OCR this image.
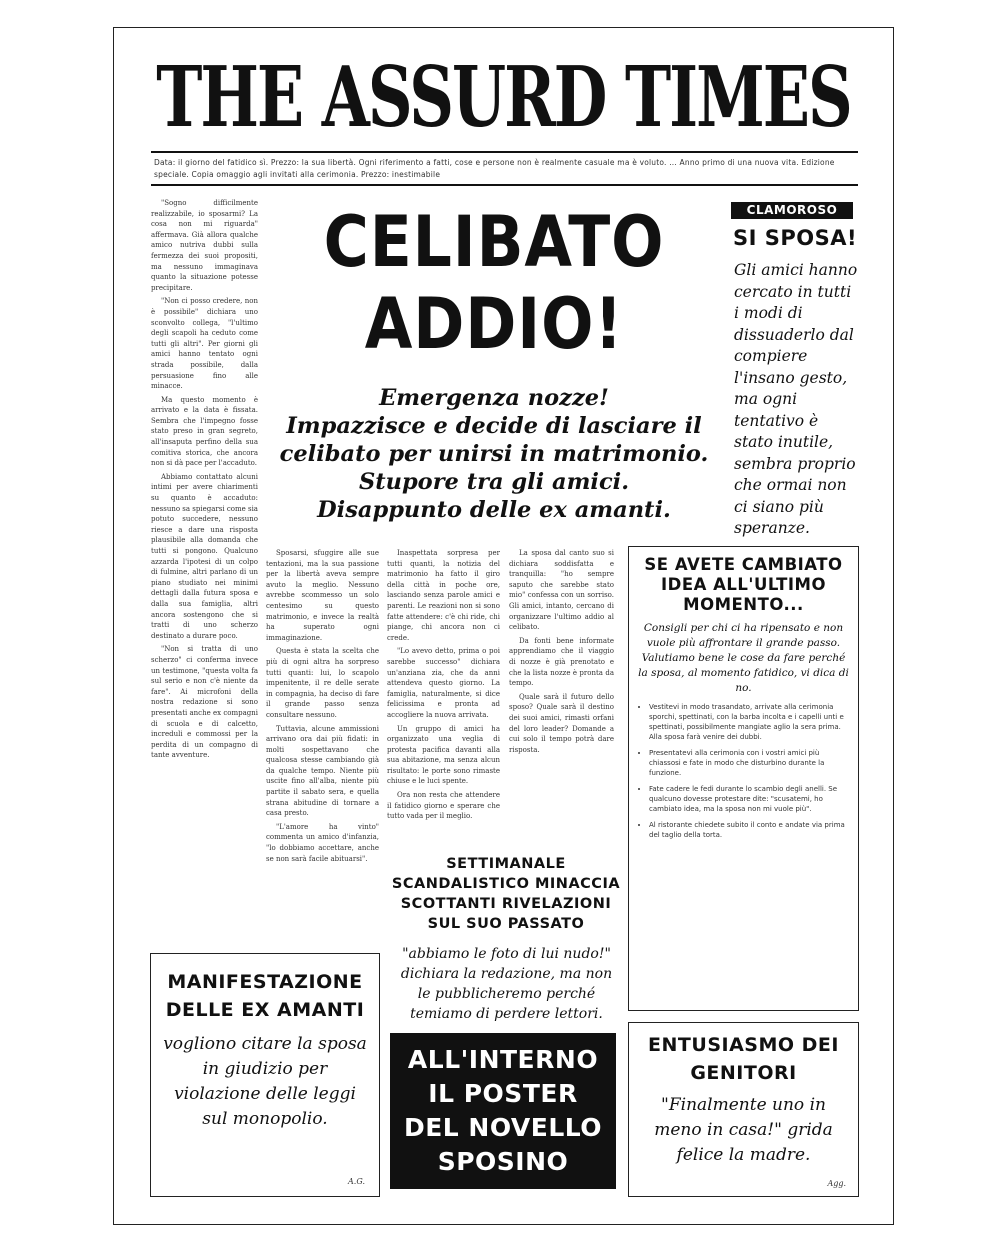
THE ASSURD TIMES
Data: il giorno del fatidico sì. Prezzo: la sua libertà. Ogni riferimento a fatti, cose e persone non è realmente casuale ma è voluto. ... Anno primo di una nuova vita. Edizione speciale. Copia omaggio agli invitati alla cerimonia. Prezzo: inestimabile

"Sogno difficilmente realizzabile, io sposarmi? La cosa non mi riguarda" affermava. Già allora qualche amico nutriva dubbi sulla fermezza dei suoi propositi, ma nessuno immaginava quanto la situazione potesse precipitare.

"Non ci posso credere, non è possibile" dichiara uno sconvolto collega, "l'ultimo degli scapoli ha ceduto come tutti gli altri". Per giorni gli amici hanno tentato ogni strada possibile, dalla persuasione fino alle minacce.

Ma questo momento è arrivato e la data è fissata. Sembra che l'impegno fosse stato preso in gran segreto, all'insaputa perfino della sua comitiva storica, che ancora non si dà pace per l'accaduto.

Abbiamo contattato alcuni intimi per avere chiarimenti su quanto è accaduto: nessuno sa spiegarsi come sia potuto succedere, nessuno riesce a dare una risposta plausibile alla domanda che tutti si pongono. Qualcuno azzarda l'ipotesi di un colpo di fulmine, altri parlano di un piano studiato nei minimi dettagli dalla futura sposa e dalla sua famiglia, altri ancora sostengono che si tratti di uno scherzo destinato a durare poco.

"Non si tratta di uno scherzo" ci conferma invece un testimone, "questa volta fa sul serio e non c'è niente da fare". Ai microfoni della nostra redazione si sono presentati anche ex compagni di scuola e di calcetto, increduli e commossi per la perdita di un compagno di tante avventure.

CELIBATO
ADDIO!
Emergenza nozze!
Impazzisce e decide di lasciare il
celibato per unirsi in matrimonio.
Stupore tra gli amici.
Disappunto delle ex amanti.
CLAMOROSO
SI SPOSA!
Gli amici hanno cercato in tutti i modi di dissuaderlo dal compiere l'insano gesto, ma ogni tentativo è stato inutile, sembra proprio che ormai non ci siano più speranze.

Sposarsi, sfuggire alle sue tentazioni, ma la sua passione per la libertà aveva sempre avuto la meglio. Nessuno avrebbe scommesso un solo centesimo su questo matrimonio, e invece la realtà ha superato ogni immaginazione.

Questa è stata la scelta che più di ogni altra ha sorpreso tutti quanti: lui, lo scapolo impenitente, il re delle serate in compagnia, ha deciso di fare il grande passo senza consultare nessuno.

Tuttavia, alcune ammissioni arrivano ora dai più fidati: in molti sospettavano che qualcosa stesse cambiando già da qualche tempo. Niente più uscite fino all'alba, niente più partite il sabato sera, e quella strana abitudine di tornare a casa presto.

"L'amore ha vinto" commenta un amico d'infanzia, "lo dobbiamo accettare, anche se non sarà facile abituarsi".

Inaspettata sorpresa per tutti quanti, la notizia del matrimonio ha fatto il giro della città in poche ore, lasciando senza parole amici e parenti. Le reazioni non si sono fatte attendere: c'è chi ride, chi piange, chi ancora non ci crede.

"Lo avevo detto, prima o poi sarebbe successo" dichiara un'anziana zia, che da anni attendeva questo giorno. La famiglia, naturalmente, si dice felicissima e pronta ad accogliere la nuova arrivata.

Un gruppo di amici ha organizzato una veglia di protesta pacifica davanti alla sua abitazione, ma senza alcun risultato: le porte sono rimaste chiuse e le luci spente.

Ora non resta che attendere il fatidico giorno e sperare che tutto vada per il meglio.

La sposa dal canto suo si dichiara soddisfatta e tranquilla: "ho sempre saputo che sarebbe stato mio" confessa con un sorriso. Gli amici, intanto, cercano di organizzare l'ultimo addio al celibato.

Da fonti bene informate apprendiamo che il viaggio di nozze è già prenotato e che la lista nozze è pronta da tempo.

Quale sarà il futuro dello sposo? Quale sarà il destino dei suoi amici, rimasti orfani del loro leader? Domande a cui solo il tempo potrà dare risposta.

SE AVETE CAMBIATO IDEA ALL'ULTIMO MOMENTO...
Consigli per chi ci ha ripensato e non vuole più affrontare il grande passo. Valutiamo bene le cose da fare perché la sposa, al momento fatidico, vi dica di no.
• Vestitevi in modo trasandato, arrivate alla cerimonia sporchi, spettinati, con la barba incolta e i capelli unti e spettinati, possibilmente mangiate aglio la sera prima. Alla sposa farà venire dei dubbi.
• Presentatevi alla cerimonia con i vostri amici più chiassosi e fate in modo che disturbino durante la funzione.
• Fate cadere le fedi durante lo scambio degli anelli. Se qualcuno dovesse protestare dite: "scusatemi, ho cambiato idea, ma la sposa non mi vuole più".
• Al ristorante chiedete subito il conto e andate via prima del taglio della torta.
SETTIMANALE SCANDALISTICO MINACCIA SCOTTANTI RIVELAZIONI SUL SUO PASSATO
"abbiamo le foto di lui nudo!" dichiara la redazione, ma non le pubblicheremo perché temiamo di perdere lettori.
MANIFESTAZIONE DELLE EX AMANTI
vogliono citare la sposa in giudizio per violazione delle leggi sul monopolio.
A.G.
ALL'INTERNO
IL POSTER
DEL NOVELLO
SPOSINO
ENTUSIASMO DEI GENITORI
"Finalmente uno in meno in casa!" grida felice la madre.
Agg.
